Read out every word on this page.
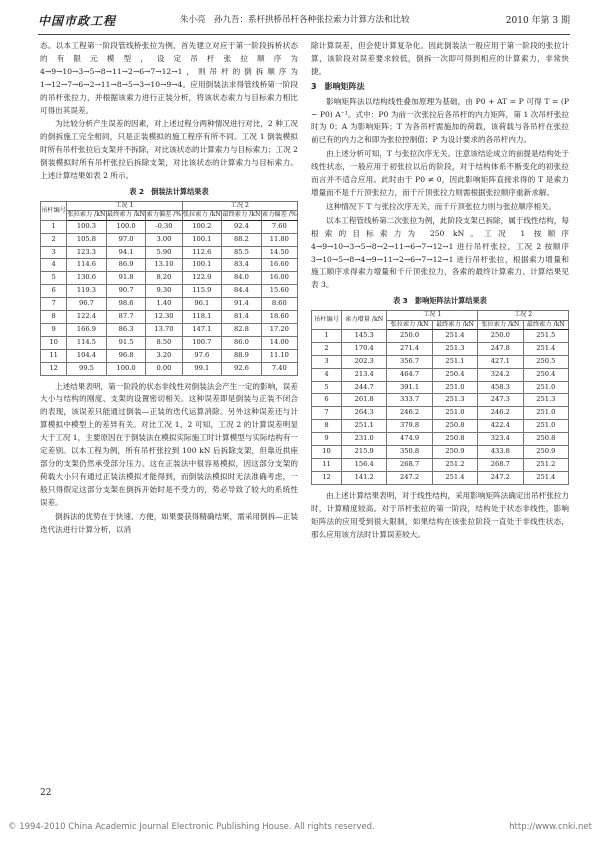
中国市政工程	朱小亮　孙九吾：系杆拱桥吊杆各种张拉索力计算方法和比较	2010 年第 3 期

态。以本工程第一阶段管线桥张拉为例，首先建立对应于第一阶段拆桥状态的有限元模型，设定吊杆张拉顺序为 4→9→10→3→5→8→11→2→6→7→12→1，则吊杆的倒拆顺序为 1→12→7→6→2→11→8→5→3→10→9→4。应用倒装法求得管线桥第一阶段的吊杆张拉力，并根据该索力进行正装分析，将该状态索力与目标索力相比可得出其误差。

为比较分析产生误差的因素，对上述过程分两种情况进行对比，2 种工况的倒拆施工完全相同，只是正装模拟的施工程序有所不同。工况 1 倒装模拟时所有吊杆张拉后支架并不拆除，对比该状态的计算索力与目标索力；工况 2 倒装模拟时所有吊杆张拉后拆除支架，对比该状态的计算索力与目标索力。上述计算结果如表 2 所示。

表 2　倒装法计算结果表
吊杆编号	工况 1			工况 2		
	张拉索力 /kN	最终索力 /kN	索力偏差 /%	张拉索力 /kN	最终索力 /kN	索力偏差 /%
1	100.3	100.0	-0.30	100.2	92.4	7.60
2	105.8	97.0	3.00	100.1	88.2	11.80
3	123.3	94.1	5.90	112.6	85.5	14.50
4	114.6	86.9	13.10	100.1	83.4	16.60
5	130.6	91.8	8.20	122.9	84.0	16.00
6	119.3	90.7	9.30	115.9	84.4	15.60
7	96.7	98.6	1.40	96.1	91.4	8.60
8	122.4	87.7	12.30	118.1	81.4	18.60
9	166.9	86.3	13.70	147.1	82.8	17.20
10	114.5	91.5	8.50	100.7	86.0	14.00
11	104.4	96.8	3.20	97.6	88.9	11.10
12	99.5	100.0	0.00	99.1	92.6	7.40

上述结果表明，第一阶段的状态非线性对倒装法会产生一定的影响，误差大小与结构的刚度、支架的设置密切相关。这种误差即是倒装与正装不闭合的表现，该误差只能通过倒装—正装的迭代运算消除。另外这种误差还与计算模拟中模型上的差异有关。对比工况 1、2 可知，工况 2 的计算误差明显大于工况 1，主要原因在于倒装法在模拟实际施工时计算模型与实际结构有一定差别。以本工程为例，所有吊杆张拉到 100 kN 后拆除支架，但靠近拱座部分的支架仍然承受部分压力。这在正装法中很容易模拟，因这部分支架的荷载大小只有通过正装法模拟才能得到，而倒装法模拟时无法准确考虑，一般只得假定这部分支架在倒拆开始时是不受力的，势必导致了较大的系统性误差。

倒拆法的优势在于快速、方便，如果要获得精确结果，需采用倒拆—正装迭代法进行计算分析，以消

除计算误差，但会使计算复杂化。因此倒装法一般应用于第一阶段的张拉计算，该阶段对误差要求较低，倒拆一次即可得到相应的计算索力，非常快捷。

3　影响矩阵法

影响矩阵法以结构线性叠加原理为基础，由 P0 + AT = P 可得 T = (P − P0) A⁻¹。式中：P0 为前一次张拉后各吊杆的内力矩阵，第 1 次吊杆张拉时为 0；A 为影响矩阵；T 为各吊杆需施加的荷载，该荷载与各吊杆在张拉前已有的内力之和即为张拉控制值；P 为设计要求的各吊杆内力。

由上述分析可知，T 与张拉次序无关。注意该结论成立的前提是结构处于线性状态，一般应用于初张拉以后的阶段，对于结构体系不断变化的初张拉而言并不适合应用。此时由于 P0 ≠ 0，因此影响矩阵直接求得的 T 是索力增量而不是千斤顶张拉力，而千斤顶张拉力则需根据张拉顺序重新求解。

这种情况下 T 与张拉次序无关，而千斤顶张拉力则与张拉顺序相关。

以本工程管线桥第二次张拉为例，此阶段支架已拆除，属于线性结构，每根索的目标索力为 250 kN。工况 1 按顺序 4→9→10→3→5→8→2→11→6→7→12→1 进行吊杆张拉，工况 2 按顺序 3→10→5→8→4→9→11→2→6→7→12→1 进行吊杆张拉，根据索力增量和施工顺序求得索力增量和千斤顶张拉力，各索的最终计算索力、计算结果见表 3。

表 3　影响矩阵法计算结果表
吊杆编号	索力增量 /kN	工况 1		工况 2	
		张拉索力 /kN	最终索力 /kN	张拉索力 /kN	最终索力 /kN
1	145.3	250.0	251.4	250.0	251.5
2	170.4	271.4	251.3	247.8	251.4
3	202.3	356.7	251.1	427.1	250.5
4	213.4	464.7	250.4	324.2	250.4
5	244.7	391.1	251.0	458.3	251.0
6	261.8	333.7	251.3	247.3	251.3
7	264.3	246.2	251.0	246.2	251.0
8	251.1	379.8	250.8	422.4	251.0
9	231.0	474.9	250.8	323.4	250.8
10	215.9	350.8	250.9	433.8	250.9
11	156.4	268.7	251.2	268.7	251.2
12	141.2	247.2	251.4	247.2	251.4

由上述计算结果表明，对于线性结构，采用影响矩阵法确定出吊杆张拉力时，计算精度较高。对于吊杆张拉的第一阶段，结构处于状态非线性，影响矩阵法的应用受到很大限制，如果结构在该张拉阶段一直处于非线性状态，那么应用该方法时计算误差较大。

22
© 1994-2010 China Academic Journal Electronic Publishing House. All rights reserved.	http://www.cnki.net
